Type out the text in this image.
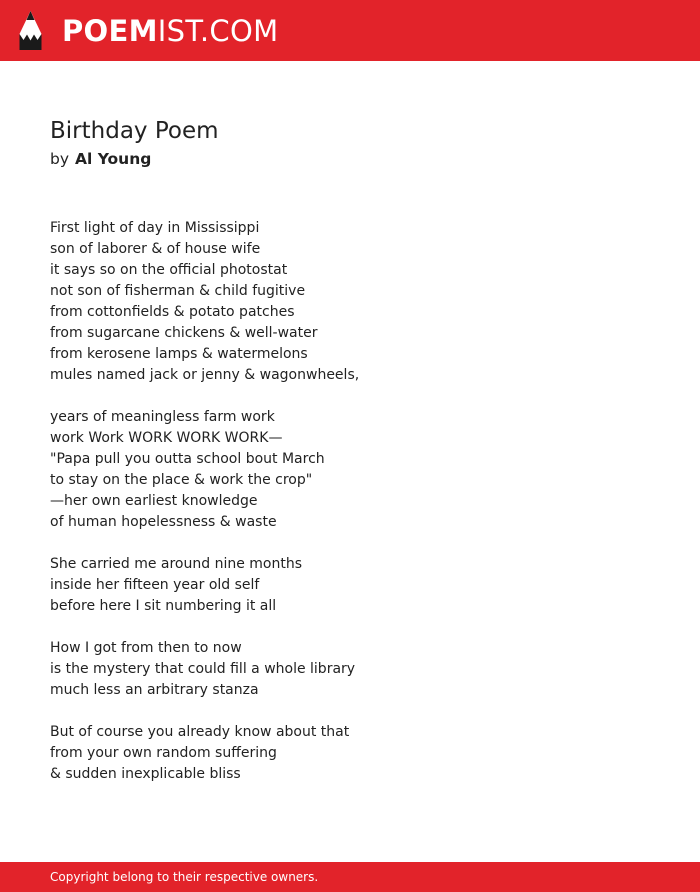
POEMIST.COM
Birthday Poem
by Al Young
First light of day in Mississippi
son of laborer & of house wife
it says so on the official photostat
not son of fisherman & child fugitive
from cottonfields & potato patches
from sugarcane chickens & well-water
from kerosene lamps & watermelons
mules named jack or jenny & wagonwheels,
years of meaningless farm work
work Work WORK WORK WORK—
"Papa pull you outta school bout March
to stay on the place & work the crop"
—her own earliest knowledge
of human hopelessness & waste
She carried me around nine months
inside her fifteen year old self
before here I sit numbering it all
How I got from then to now
is the mystery that could fill a whole library
much less an arbitrary stanza
But of course you already know about that
from your own random suffering
& sudden inexplicable bliss
Copyright belong to their respective owners.
